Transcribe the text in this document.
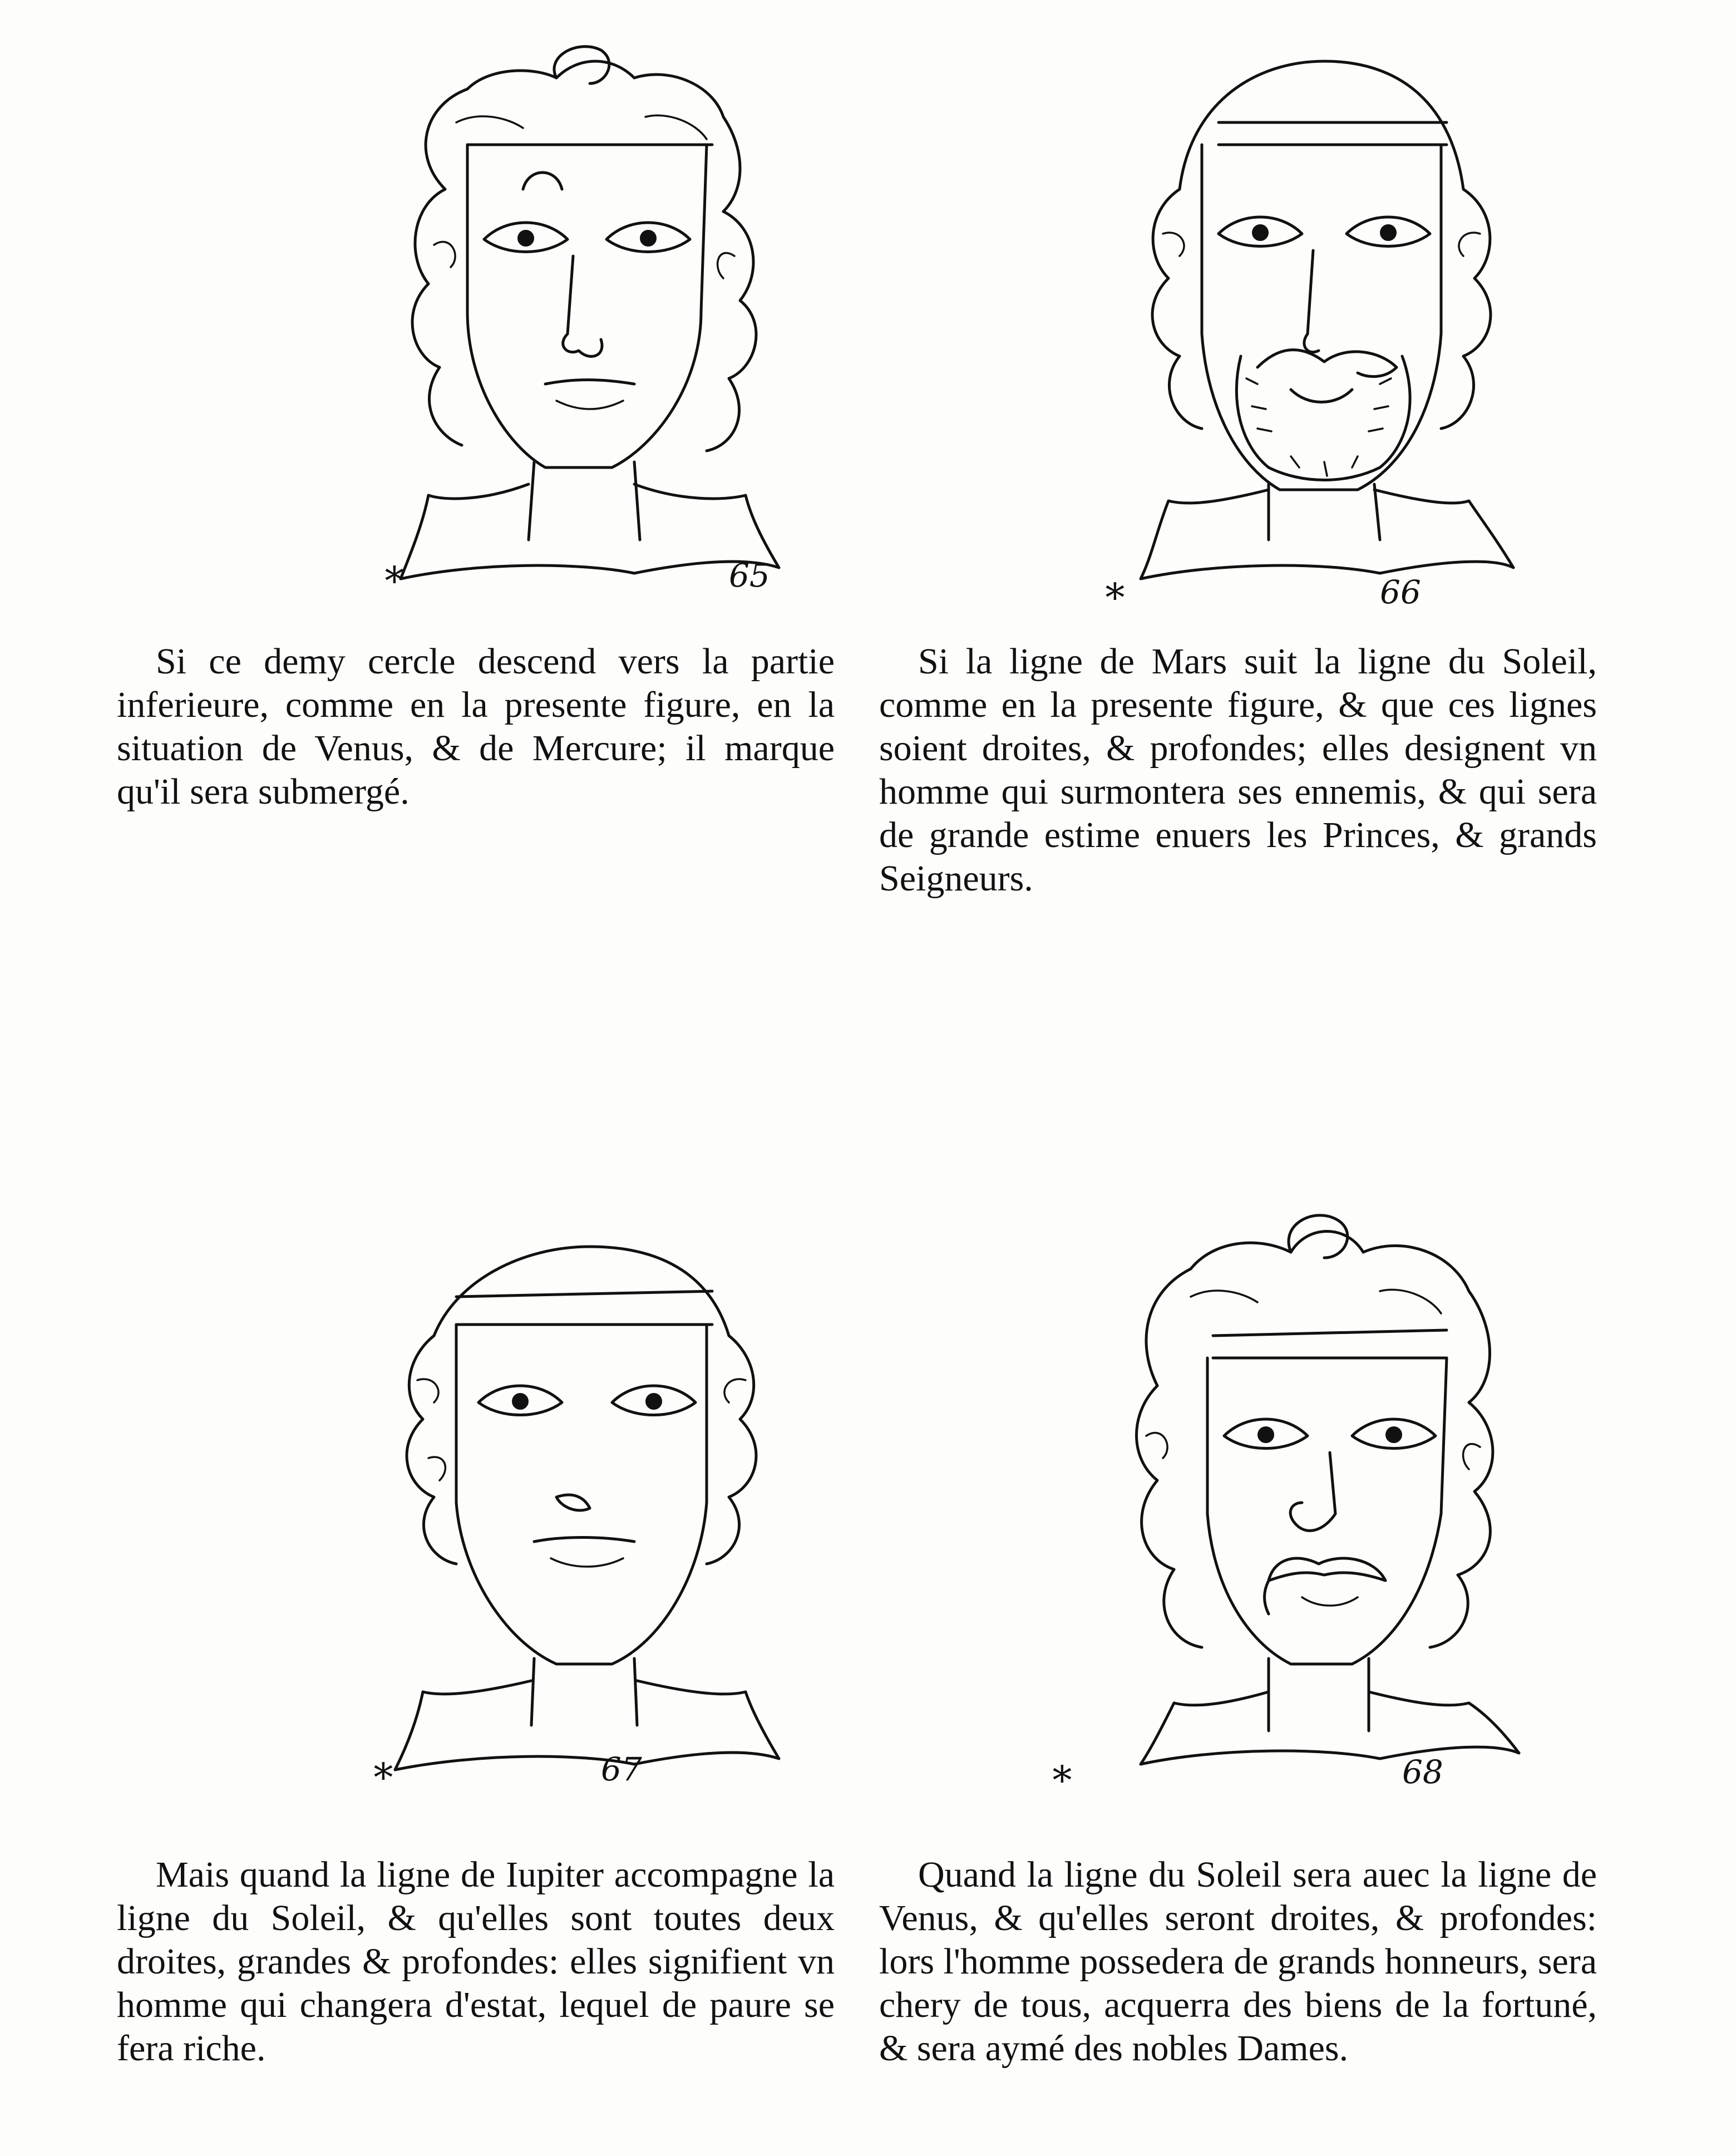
∗	65

Si ce demy cercle descend vers la partie inferieure, comme en la presente figure, en la situation de Venus, & de Mercure; il marque qu'il sera submergé.

∗	66

Si la ligne de Mars suit la ligne du Soleil, comme en la presente figure, & que ces lignes soient droites, & profondes; elles designent vn homme qui surmontera ses ennemis, & qui sera de grande estime enuers les Princes, & grands Seigneurs.

∗	67

Mais quand la ligne de Iupiter accompagne la ligne du Soleil, & qu'elles sont toutes deux droites, grandes & profondes: elles signifient vn homme qui changera d'estat, lequel de paure se fera riche.

∗	68

Quand la ligne du Soleil sera auec la ligne de Venus, & qu'elles seront droites, & profondes: lors l'homme possedera de grands honneurs, sera chery de tous, acquerra des biens de la fortuné, & sera aymé des nobles Dames.
